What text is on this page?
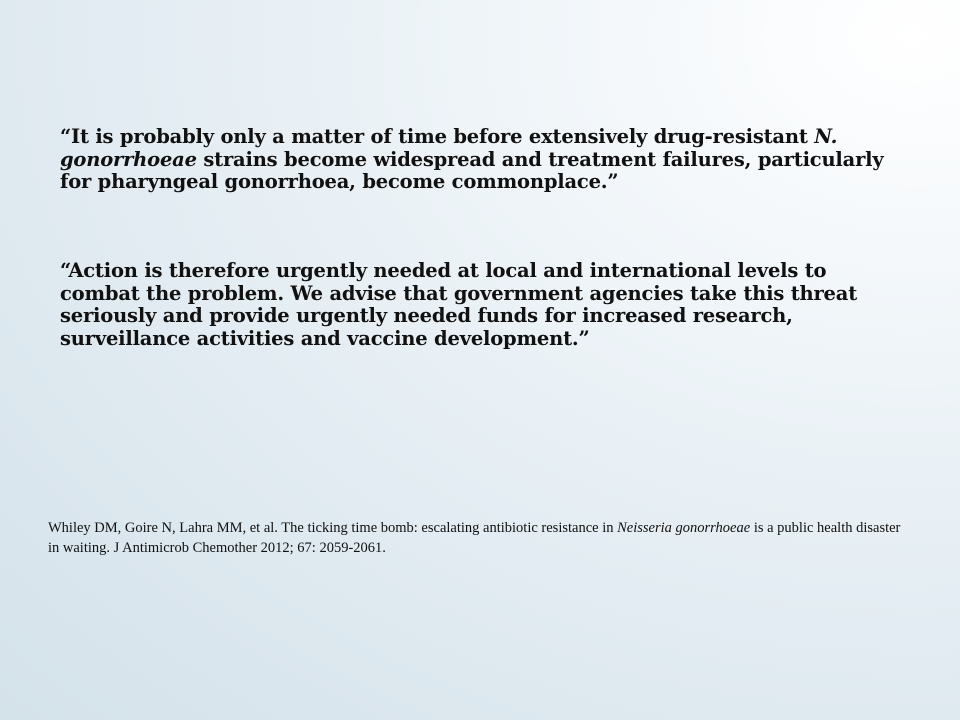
“It is probably only a matter of time before extensively drug-resistant N. gonorrhoeae strains become widespread and treatment failures, particularly for pharyngeal gonorrhoea, become commonplace.”

“Action is therefore urgently needed at local and international levels to combat the problem. We advise that government agencies take this threat seriously and provide urgently needed funds for increased research, surveillance activities and vaccine development.”

Whiley DM, Goire N, Lahra MM, et al. The ticking time bomb: escalating antibiotic resistance in Neisseria gonorrhoeae is a public health disaster in waiting. J Antimicrob Chemother 2012; 67: 2059-2061.
